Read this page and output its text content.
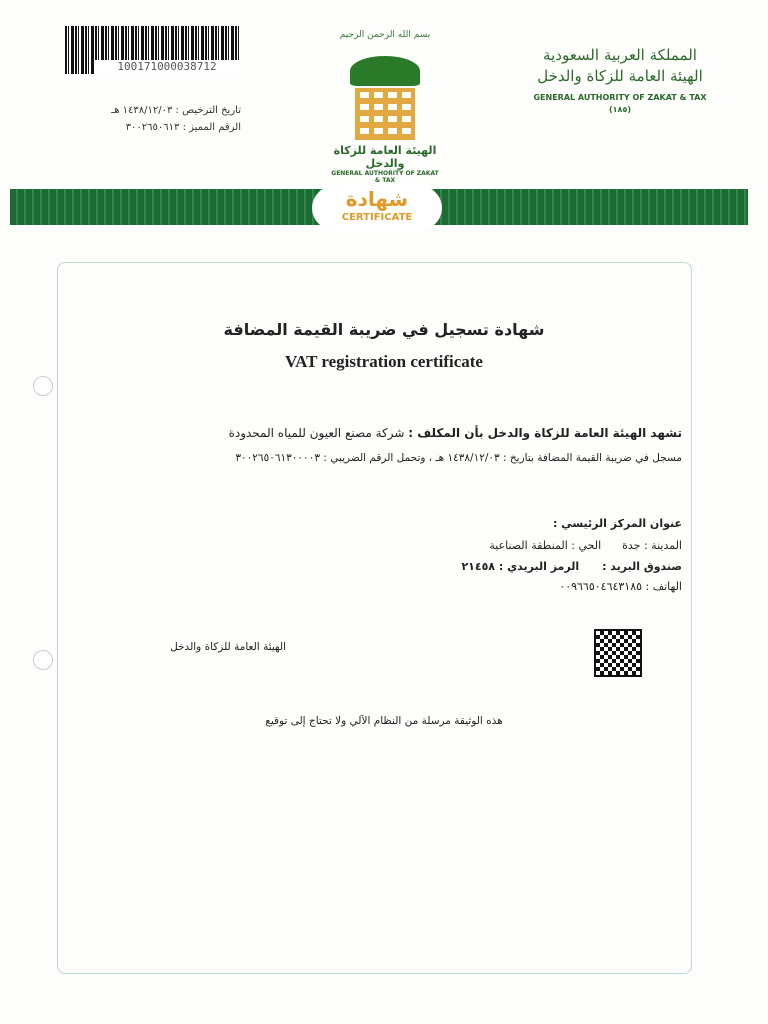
100171000038712
تاريخ الترخيص : ١٤٣٨/١٢/٠٣ هـ
الرقم المميز : ٣٠٠٢٦٥٠٦١٣
بسم الله الرحمن الرحيم
الهيئة العامة للزكاة والدخل
GENERAL AUTHORITY OF ZAKAT & TAX
المملكة العربية السعودية
الهيئة العامة للزكاة والدخل
GENERAL AUTHORITY OF ZAKAT & TAX
(١٨٥)
شهادة
CERTIFICATE
شهادة تسجيل في ضريبة القيمة المضافة
VAT registration certificate
تشهد الهيئة العامة للزكاة والدخل بأن المكلف : شركة مصنع العيون للمياه المحدودة
مسجل في ضريبة القيمة المضافة بتاريخ : ١٤٣٨/١٢/٠٣ هـ ، وتحمل الرقم الضريبي : ٣٠٠٢٦٥٠٦١٣٠٠٠٠٣
عنوان المركز الرئيسي :
المدينة : جدة      الحي : المنطقة الصناعية
صندوق البريد :      الرمز البريدي : ٢١٤٥٨
الهاتف : ٠٠٩٦٦٥٠٤٦٤٣١٨٥
الهيئة العامة للزكاة والدخل
هذه الوثيقة مرسلة من النظام الآلي ولا تحتاج إلى توقيع
